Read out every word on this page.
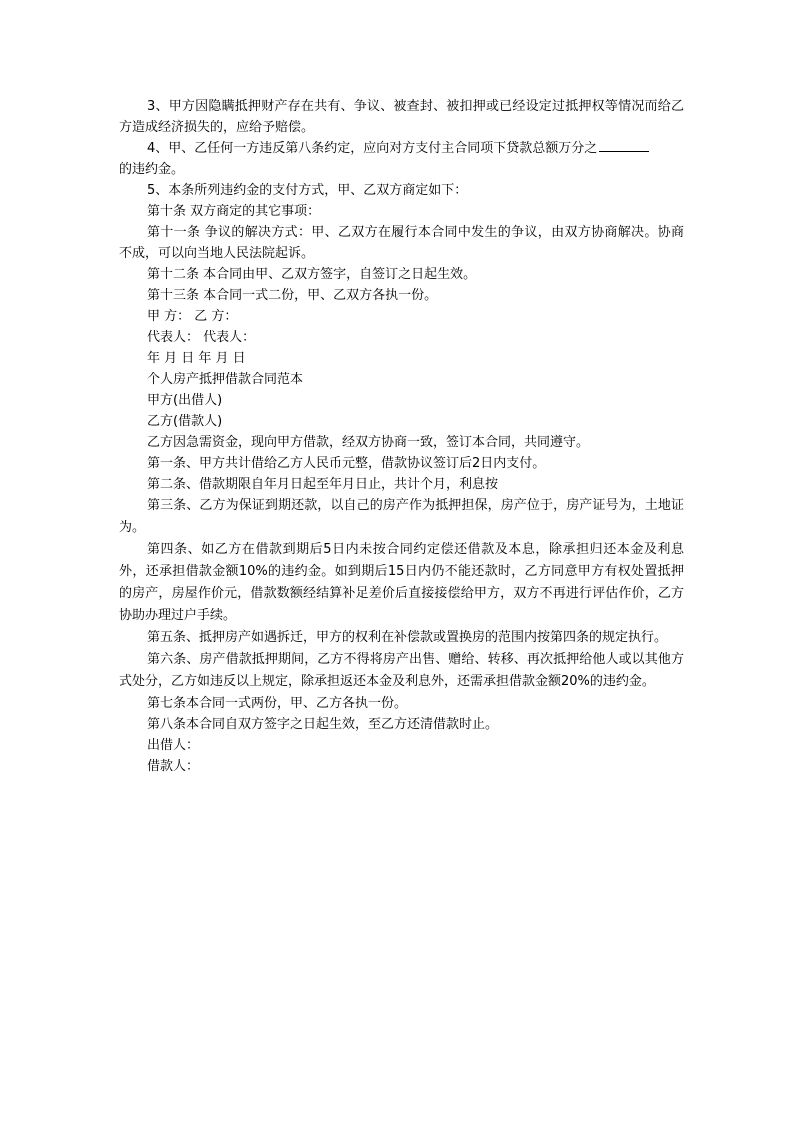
3、甲方因隐瞒抵押财产存在共有、争议、被查封、被扣押或已经设定过抵押权等情况而给乙方造成经济损失的，应给予赔偿。

4、甲、乙任何一方违反第八条约定，应向对方支付主合同项下贷款总额万分之

的违约金。

5、本条所列违约金的支付方式，甲、乙双方商定如下：

第十条 双方商定的其它事项：

第十一条 争议的解决方式：甲、乙双方在履行本合同中发生的争议，由双方协商解决。协商不成，可以向当地人民法院起诉。

第十二条 本合同由甲、乙双方签字，自签订之日起生效。

第十三条 本合同一式二份，甲、乙双方各执一份。

甲 方： 乙 方：

代表人： 代表人：

年 月 日 年 月 日

个人房产抵押借款合同范本

甲方(出借人)

乙方(借款人)

乙方因急需资金，现向甲方借款，经双方协商一致，签订本合同，共同遵守。

第一条、甲方共计借给乙方人民币元整，借款协议签订后2日内支付。

第二条、借款期限自年月日起至年月日止，共计个月，利息按

第三条、乙方为保证到期还款，以自己的房产作为抵押担保，房产位于，房产证号为，土地证为。

第四条、如乙方在借款到期后5日内未按合同约定偿还借款及本息，除承担归还本金及利息外，还承担借款金额10%的违约金。如到期后15日内仍不能还款时，乙方同意甲方有权处置抵押的房产，房屋作价元，借款数额经结算补足差价后直接接偿给甲方，双方不再进行评估作价，乙方协助办理过户手续。

第五条、抵押房产如遇拆迁，甲方的权利在补偿款或置换房的范围内按第四条的规定执行。

第六条、房产借款抵押期间，乙方不得将房产出售、赠给、转移、再次抵押给他人或以其他方式处分，乙方如违反以上规定，除承担返还本金及利息外，还需承担借款金额20%的违约金。

第七条本合同一式两份，甲、乙方各执一份。

第八条本合同自双方签字之日起生效，至乙方还清借款时止。

出借人：

借款人：
